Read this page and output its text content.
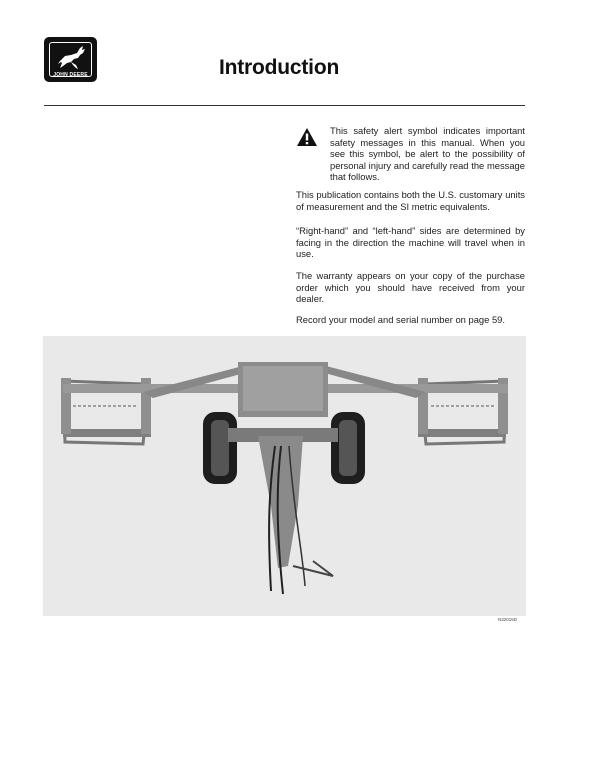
JOHN DEERE	Introduction

This safety alert symbol indicates important safety messages in this manual. When you see this symbol, be alert to the possibility of personal injury and carefully read the message that follows.

This publication contains both the U.S. customary units of measurement and the SI metric equivalents.

“Right-hand” and “left-hand” sides are determined by facing in the direction the machine will travel when in use.

The warranty appears on your copy of the purchase order which you should have received from your dealer.

Record your model and serial number on page 59.

N32015D
